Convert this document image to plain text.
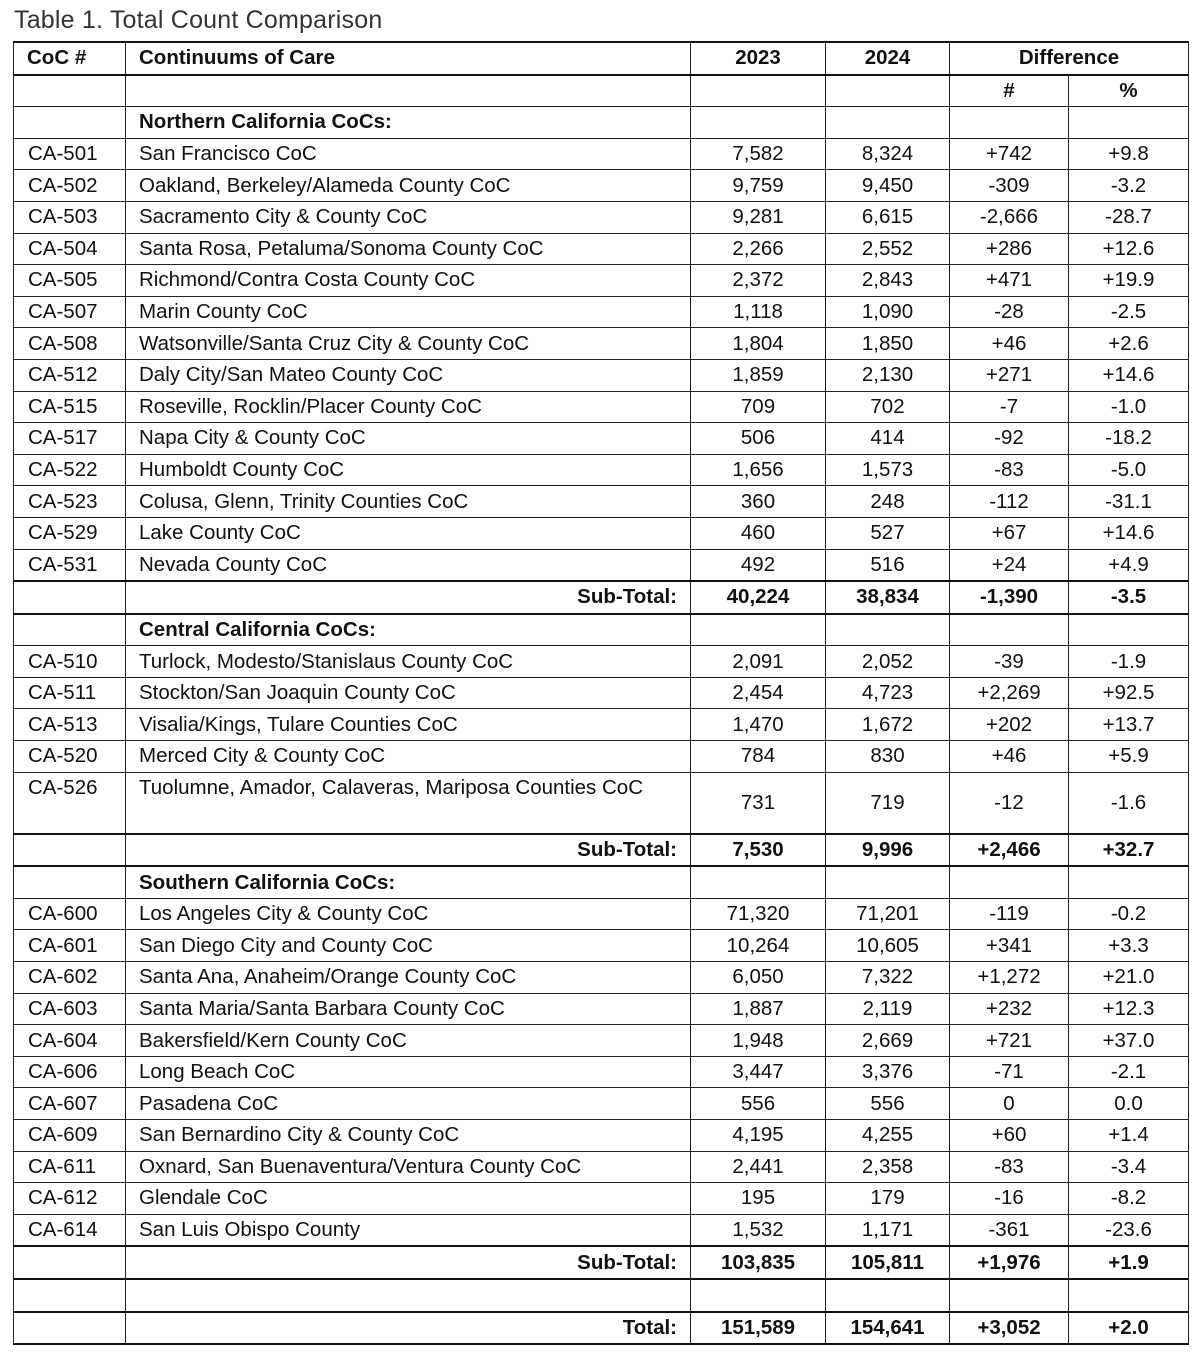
Table 1. Total Count Comparison
CoC #	Continuums of Care	2023	2024	Difference	
				#	%
	Northern California CoCs:				
CA-501	San Francisco CoC	7,582	8,324	+742	+9.8
CA-502	Oakland, Berkeley/Alameda County CoC	9,759	9,450	-309	-3.2
CA-503	Sacramento City & County CoC	9,281	6,615	-2,666	-28.7
CA-504	Santa Rosa, Petaluma/Sonoma County CoC	2,266	2,552	+286	+12.6
CA-505	Richmond/Contra Costa County CoC	2,372	2,843	+471	+19.9
CA-507	Marin County CoC	1,118	1,090	-28	-2.5
CA-508	Watsonville/Santa Cruz City & County CoC	1,804	1,850	+46	+2.6
CA-512	Daly City/San Mateo County CoC	1,859	2,130	+271	+14.6
CA-515	Roseville, Rocklin/Placer County CoC	709	702	-7	-1.0
CA-517	Napa City & County CoC	506	414	-92	-18.2
CA-522	Humboldt County CoC	1,656	1,573	-83	-5.0
CA-523	Colusa, Glenn, Trinity Counties CoC	360	248	-112	-31.1
CA-529	Lake County CoC	460	527	+67	+14.6
CA-531	Nevada County CoC	492	516	+24	+4.9
	Sub-Total:	40,224	38,834	-1,390	-3.5
	Central California CoCs:				
CA-510	Turlock, Modesto/Stanislaus County CoC	2,091	2,052	-39	-1.9
CA-511	Stockton/San Joaquin County CoC	2,454	4,723	+2,269	+92.5
CA-513	Visalia/Kings, Tulare Counties CoC	1,470	1,672	+202	+13.7
CA-520	Merced City & County CoC	784	830	+46	+5.9
CA-526	Tuolumne, Amador, Calaveras, Mariposa Counties CoC	731	719	-12	-1.6
	Sub-Total:	7,530	9,996	+2,466	+32.7
	Southern California CoCs:				
CA-600	Los Angeles City & County CoC	71,320	71,201	-119	-0.2
CA-601	San Diego City and County CoC	10,264	10,605	+341	+3.3
CA-602	Santa Ana, Anaheim/Orange County CoC	6,050	7,322	+1,272	+21.0
CA-603	Santa Maria/Santa Barbara County CoC	1,887	2,119	+232	+12.3
CA-604	Bakersfield/Kern County CoC	1,948	2,669	+721	+37.0
CA-606	Long Beach CoC	3,447	3,376	-71	-2.1
CA-607	Pasadena CoC	556	556	0	0.0
CA-609	San Bernardino City & County CoC	4,195	4,255	+60	+1.4
CA-611	Oxnard, San Buenaventura/Ventura County CoC	2,441	2,358	-83	-3.4
CA-612	Glendale CoC	195	179	-16	-8.2
CA-614	San Luis Obispo County	1,532	1,171	-361	-23.6
	Sub-Total:	103,835	105,811	+1,976	+1.9

	Total:	151,589	154,641	+3,052	+2.0
